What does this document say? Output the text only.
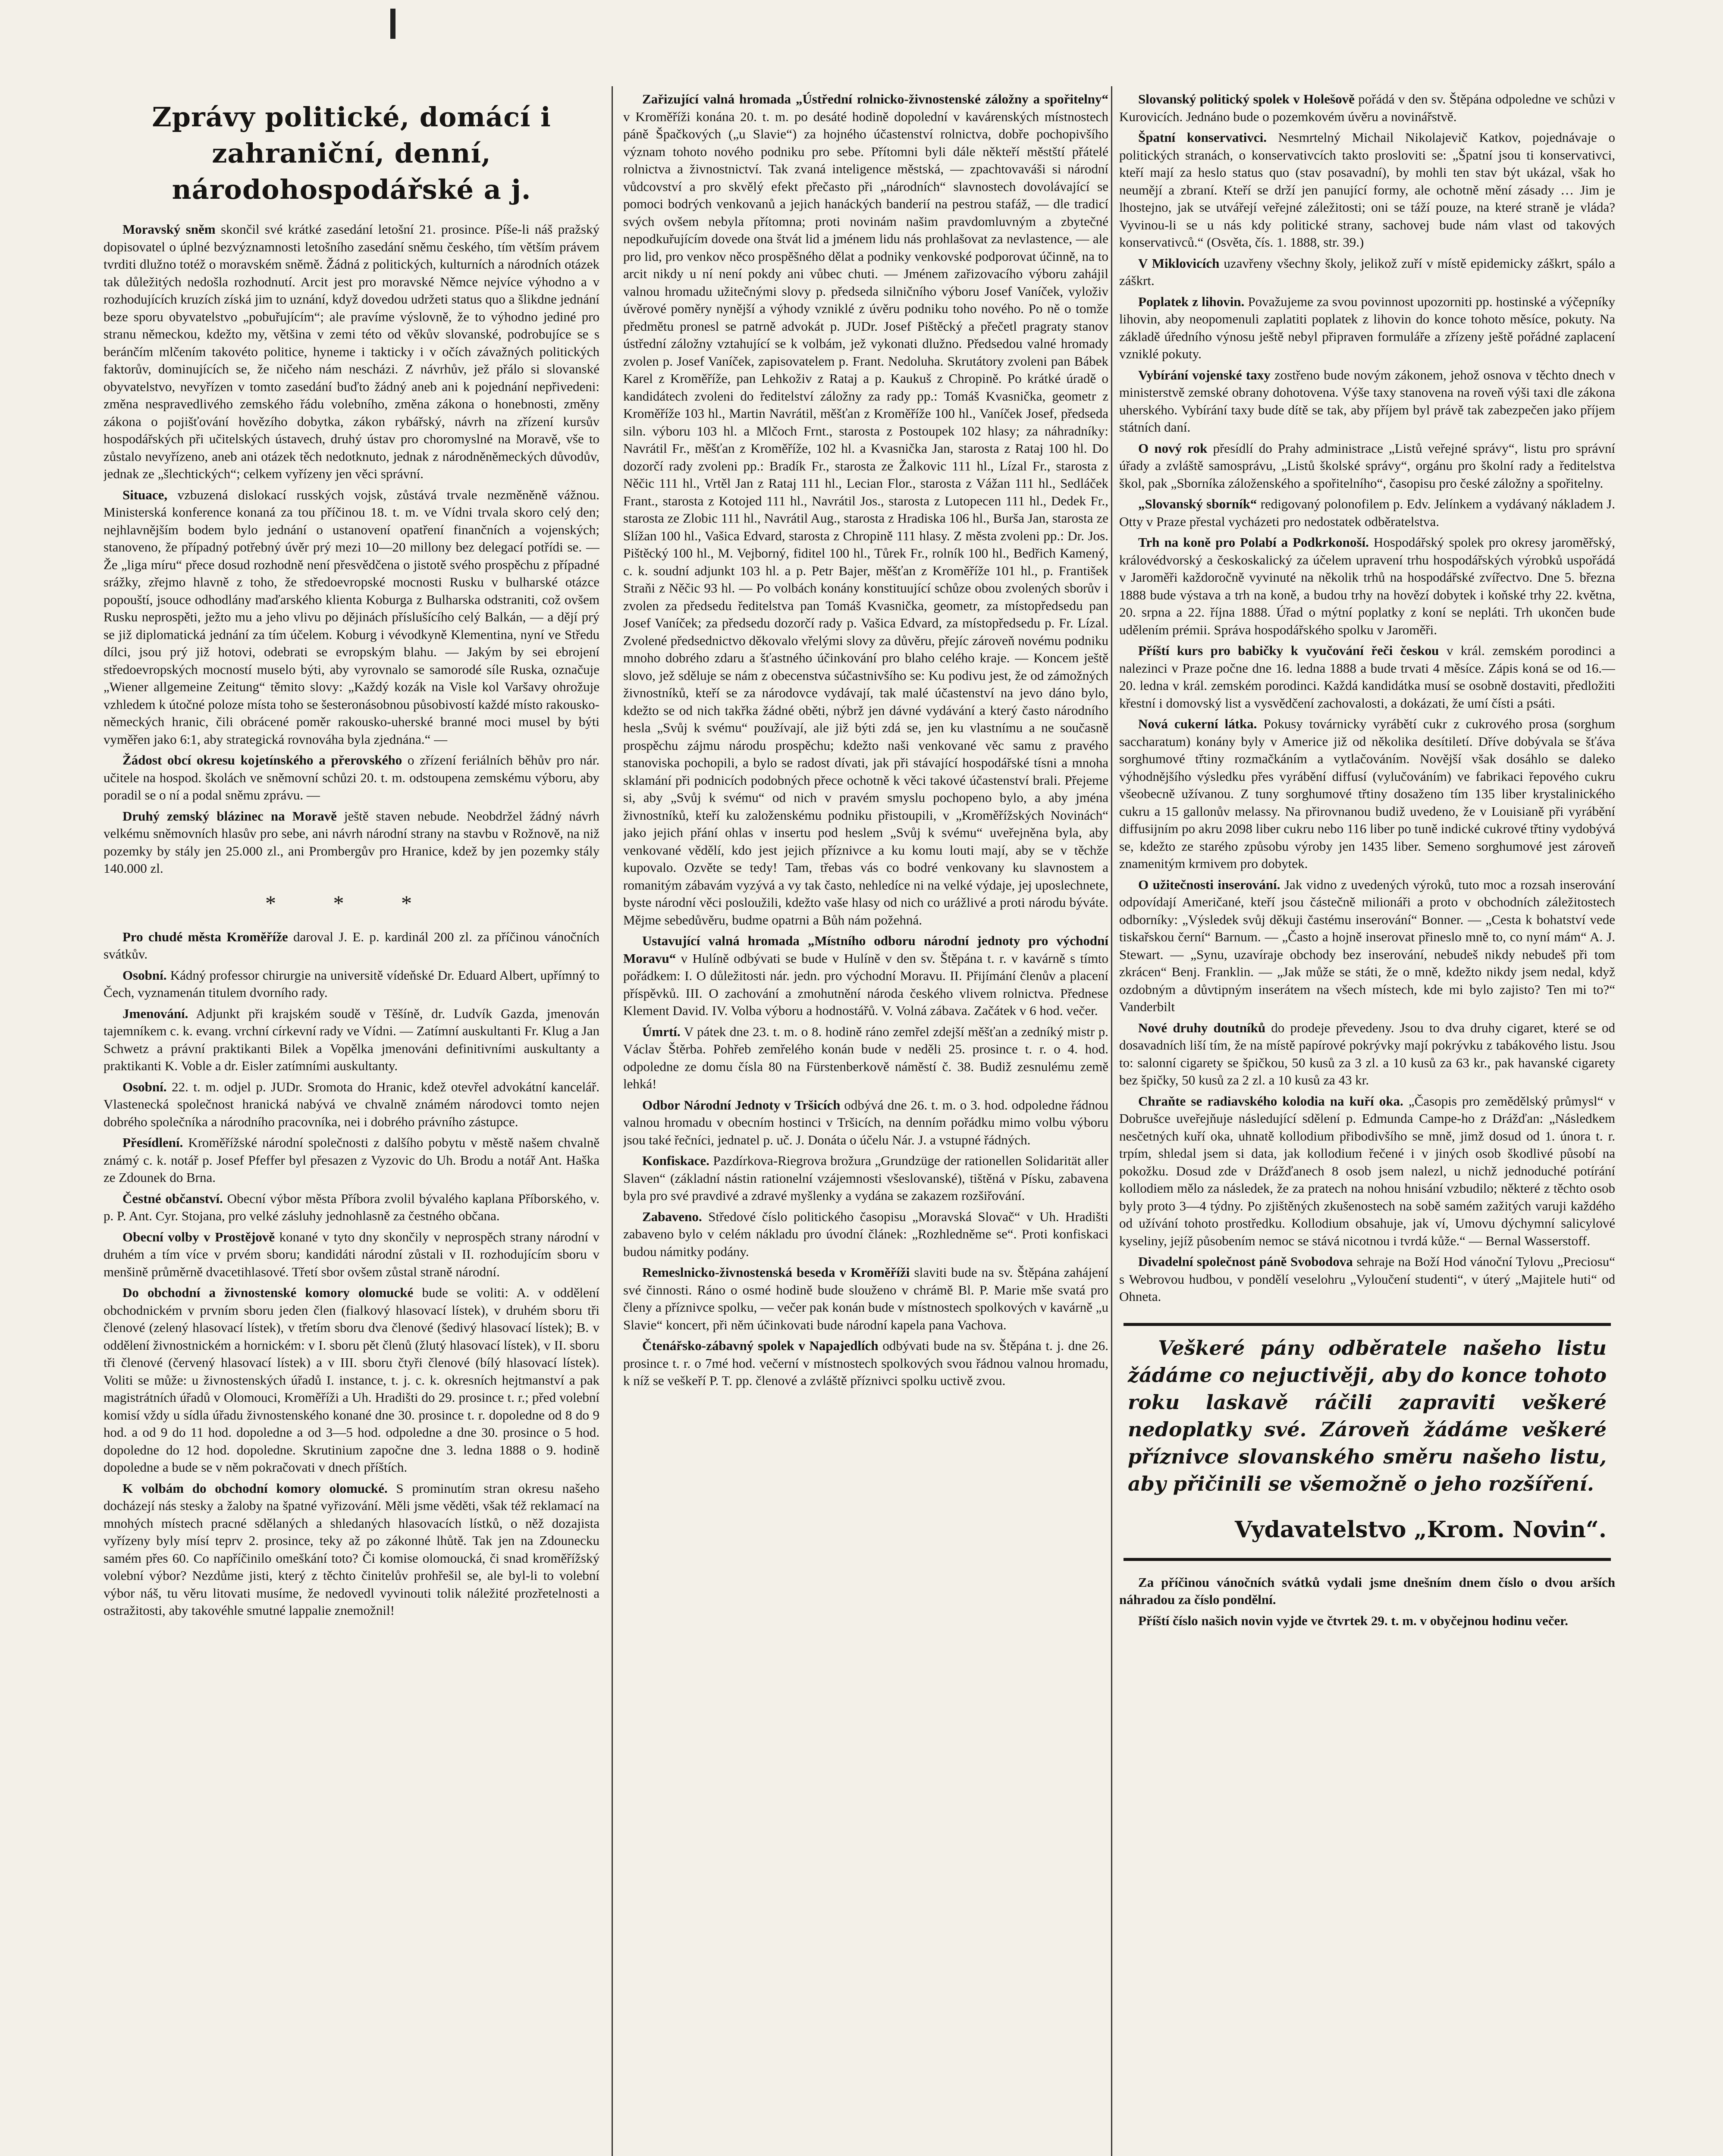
Zprávy politické, domácí i zahraniční, denní, národohospodářské a j.

Moravský sněm skončil své krátké zasedání letošní 21. prosince. Píše-li náš pražský dopisovatel o úplné bezvýznamnosti letošního zasedání sněmu českého, tím větším právem tvrditi dlužno totéž o moravském sněmě. Žádná z politických, kulturních a národních otázek tak důležitých nedošla rozhodnutí. Arcit jest pro moravské Němce nejvíce výhodno a v rozhodujících kruzích získá jim to uznání, když dovedou udržeti status quo a šlikdne jednání beze sporu obyvatelstvo „pobuřujícím“; ale pravíme výslovně, že to výhodno jediné pro stranu německou, kdežto my, většina v zemi této od věkův slovanské, podrobujíce se s beránčím mlčením takovéto politice, hyneme i takticky i v očích závažných politických faktorův, dominujících se, že ničeho nám nescházi. Z návrhův, jež přálo si slovanské obyvatelstvo, nevyřízen v tomto zasedání buďto žádný aneb ani k pojednání nepřivedeni: změna nespravedlivého zemského řádu volebního, změna zákona o honebnosti, změny zákona o pojišťování hovězího dobytka, zákon rybářský, návrh na zřízení kursův hospodářských při učitelských ústavech, druhý ústav pro choromyslné na Moravě, vše to zůstalo nevyřízeno, aneb ani otázek těch nedotknuto, jednak z národněněmeckých důvodův, jednak ze „šlechtických“; celkem vyřízeny jen věci správní.

Situace, vzbuzená dislokací rusských vojsk, zůstává trvale nezměněně vážnou. Ministerská konference konaná za tou příčinou 18. t. m. ve Vídni trvala skoro celý den; nejhlavnějším bodem bylo jednání o ustanovení opatření finančních a vojenských; stanoveno, že případný potřebný úvěr prý mezi 10—20 millony bez delegací potřídi se. — Že „liga míru“ přece dosud rozhodně není přesvědčena o jistotě svého prospěchu z případné srážky, zřejmo hlavně z toho, že středoevropské mocnosti Rusku v bulharské otázce popouští, jsouce odhodlány maďarského klienta Koburga z Bulharska odstraniti, což ovšem Rusku neprospěti, ježto mu a jeho vlivu po dějinách příslušícího celý Balkán, — a dějí prý se již diplomatická jednání za tím účelem. Koburg i vévodkyně Klementina, nyní ve Středu dílci, jsou prý již hotovi, odebrati se evropským blahu. — Jakým by sei ebrojení středoevropských mocností muselo býti, aby vyrovnalo se samorodé síle Ruska, označuje „Wiener allgemeine Zeitung“ těmito slovy: „Každý kozák na Visle kol Varšavy ohrožuje vzhledem k útočné poloze místa toho se šesteronásobnou působivostí každé místo rakousko-německých hranic, čili obrácené poměr rakousko-uherské branné moci musel by býti vyměřen jako 6:1, aby strategická rovnováha byla zjednána.“ —

Žádost obcí okresu kojetínského a přerovského o zřízení feriálních běhův pro nár. učitele na hospod. školách ve sněmovní schůzi 20. t. m. odstoupena zemskému výboru, aby poradil se o ní a podal sněmu zprávu. —

Druhý zemský blázinec na Moravě ještě staven nebude. Neobdržel žádný návrh velkému sněmovních hlasův pro sebe, ani návrh národní strany na stavbu v Rožnově, na niž pozemky by stály jen 25.000 zl., ani Prombergův pro Hranice, kdež by jen pozemky stály 140.000 zl.

* * *

Pro chudé města Kroměříže daroval J. E. p. kardinál 200 zl. za příčinou vánočních svátkův.

Osobní. Kádný professor chirurgie na universitě vídeňské Dr. Eduard Albert, upřímný to Čech, vyznamenán titulem dvorního rady.

Jmenování. Adjunkt při krajském soudě v Těšíně, dr. Ludvík Gazda, jmenován tajemníkem c. k. evang. vrchní církevní rady ve Vídni. — Zatímní auskultanti Fr. Klug a Jan Schwetz a právní praktikanti Bilek a Vopělka jmenováni definitivními auskultanty a praktikanti K. Voble a dr. Eisler zatímními auskultanty.

Osobní. 22. t. m. odjel p. JUDr. Sromota do Hranic, kdež otevřel advokátní kancelář. Vlastenecká společnost hranická nabývá ve chvalně známém národovci tomto nejen dobrého společníka a národního pracovníka, nei i dobrého právního zástupce.

Přesídlení. Kroměřížské národní společnosti z dalšího pobytu v městě našem chvalně známý c. k. notář p. Josef Pfeffer byl přesazen z Vyzovic do Uh. Brodu a notář Ant. Haška ze Zdounek do Brna.

Čestné občanství. Obecní výbor města Příbora zvolil bývalého kaplana Příborského, v. p. P. Ant. Cyr. Stojana, pro velké zásluhy jednohlasně za čestného občana.

Obecní volby v Prostějově konané v tyto dny skončily v neprospěch strany národní v druhém a tím více v prvém sboru; kandidáti národní zůstali v II. rozhodujícím sboru v menšině průměrně dvacetihlasové. Třetí sbor ovšem zůstal straně národní.

Do obchodní a živnostenské komory olomucké bude se voliti: A. v oddělení obchodnickém v prvním sboru jeden člen (fialkový hlasovací lístek), v druhém sboru tři členové (zelený hlasovací lístek), v třetím sboru dva členové (šedivý hlasovací lístek); B. v oddělení živnostnickém a hornickém: v I. sboru pět členů (žlutý hlasovací lístek), v II. sboru tři členové (červený hlasovací lístek) a v III. sboru čtyři členové (bílý hlasovací lístek). Voliti se může: u živnostenských úřadů I. instance, t. j. c. k. okresních hejtmanství a pak magistrátních úřadů v Olomouci, Kroměříži a Uh. Hradišti do 29. prosince t. r.; před volební komisí vždy u sídla úřadu živnostenského konané dne 30. prosince t. r. dopoledne od 8 do 9 hod. a od 9 do 11 hod. dopoledne a od 3—5 hod. odpoledne a dne 30. prosince o 5 hod. dopoledne do 12 hod. dopoledne. Skrutinium započne dne 3. ledna 1888 o 9. hodině dopoledne a bude se v něm pokračovati v dnech příštích.

K volbám do obchodní komory olomucké. S prominutím stran okresu našeho docházejí nás stesky a žaloby na špatné vyřizování. Měli jsme věděti, však též reklamací na mnohých místech pracné sdělaných a shledaných hlasovacích lístků, o něž dozajista vyřízeny byly mísí teprv 2. prosince, teky až po zákonné lhůtě. Tak jen na Zdounecku samém přes 60. Co napříčinilo omeškání toto? Či komise olomoucká, či snad kroměřížský volební výbor? Nezdůme jisti, který z těchto činitelův prohřešil se, ale byl-li to volební výbor náš, tu věru litovati musíme, že nedovedl vyvinouti tolik náležité prozřetelnosti a ostražitosti, aby takovéhle smutné lappalie znemožnil!

Zařizující valná hromada „Ústřední rolnicko-živnostenské záložny a spořitelny“ v Kroměříži konána 20. t. m. po desáté hodině dopolední v kavárenských místnostech páně Špačkových („u Slavie“) za hojného účastenství rolnictva, dobře pochopivšího význam tohoto nového podniku pro sebe. Přítomni byli dále někteří městští přátelé rolnictva a živnostnictví. Tak zvaná inteligence městská, — zpachtovaváši si národní vůdcovství a pro skvělý efekt přečasto při „národních“ slavnostech dovolávající se pomoci bodrých venkovanů a jejich hanáckých banderií na pestrou stafáž, — dle tradicí svých ovšem nebyla přítomna; proti novinám našim pravdomluvným a zbytečné nepodkuřujícím dovede ona štvát lid a jménem lidu nás prohlašovat za nevlastence, — ale pro lid, pro venkov něco prospěšného dělat a podniky venkovské podporovat účinně, na to arcit nikdy u ní není pokdy ani vůbec chuti. — Jménem zařizovacího výboru zahájil valnou hromadu užitečnými slovy p. předseda silničního výboru Josef Vaníček, vyloživ úvěrové poměry nynější a výhody vzniklé z úvěru podniku toho nového. Po ně o tomže předmětu pronesl se patrně advokát p. JUDr. Josef Pištěcký a přečetl pragraty stanov ústřední záložny vztahující se k volbám, jež vykonati dlužno. Předsedou valné hromady zvolen p. Josef Vaníček, zapisovatelem p. Frant. Nedoluha. Skrutátory zvoleni pan Bábek Karel z Kroměříže, pan Lehkoživ z Rataj a p. Kaukuš z Chropině. Po krátké úradě o kandidátech zvoleni do ředitelství záložny za rady pp.: Tomáš Kvasnička, geometr z Kroměříže 103 hl., Martin Navrátil, měšťan z Kroměříže 100 hl., Vaníček Josef, předseda siln. výboru 103 hl. a Mlčoch Frnt., starosta z Postoupek 102 hlasy; za náhradníky: Navrátil Fr., měšťan z Kroměříže, 102 hl. a Kvasnička Jan, starosta z Rataj 100 hl. Do dozorčí rady zvoleni pp.: Bradík Fr., starosta ze Žalkovic 111 hl., Lízal Fr., starosta z Něčic 111 hl., Vrtěl Jan z Rataj 111 hl., Lecian Flor., starosta z Vážan 111 hl., Sedláček Frant., starosta z Kotojed 111 hl., Navrátil Jos., starosta z Lutopecen 111 hl., Dedek Fr., starosta ze Zlobic 111 hl., Navrátil Aug., starosta z Hradiska 106 hl., Burša Jan, starosta ze Slížan 100 hl., Vašica Edvard, starosta z Chropině 111 hlasy. Z města zvoleni pp.: Dr. Jos. Pištěcký 100 hl., M. Vejborný, fiditel 100 hl., Tůrek Fr., rolník 100 hl., Bedřich Kamený, c. k. soudní adjunkt 103 hl. a p. Petr Bajer, měšťan z Kroměříže 101 hl., p. František Straňi z Něčic 93 hl. — Po volbách konány konstituující schůze obou zvolených sborův i zvolen za předsedu ředitelstva pan Tomáš Kvasnička, geometr, za místopředsedu pan Josef Vaníček; za předsedu dozorčí rady p. Vašica Edvard, za místopředsedu p. Fr. Lízal. Zvolené předsednictvo děkovalo vřelými slovy za důvěru, přejíc zároveň novému podniku mnoho dobrého zdaru a šťastného účinkování pro blaho celého kraje. — Koncem ještě slovo, jež sděluje se nám z obecenstva súčastnivšího se: Ku podivu jest, že od zámožných živnostníků, kteří se za národovce vydávají, tak malé účastenství na jevo dáno bylo, kdežto se od nich takřka žádné oběti, nýbrž jen dávné vydávání a který často národního hesla „Svůj k svému“ používají, ale již býti zdá se, jen ku vlastnímu a ne současně prospěchu zájmu národu prospěchu; kdežto naši venkované věc samu z pravého stanoviska pochopili, a bylo se radost dívati, jak při stávající hospodářské tísni a mnoha sklamání při podnicích podobných přece ochotně k věci takové účastenství brali. Přejeme si, aby „Svůj k svému“ od nich v pravém smyslu pochopeno bylo, a aby jména živnostníků, kteří ku založenskému podniku přistoupili, v „Kroměřížských Novinách“ jako jejich přání ohlas v insertu pod heslem „Svůj k svému“ uveřejněna byla, aby venkované vědělí, kdo jest jejich příznivce a ku komu louti mají, aby se v těchže kupovalo. Ozvěte se tedy! Tam, třebas vás co bodré venkovany ku slavnostem a romanitým zábavám vyzývá a vy tak často, nehledíce ni na velké výdaje, jej uposlechnete, byste národní věci posloužili, kdežto vaše hlasy od nich co urážlivé a proti národu býváte. Mějme sebedůvěru, budme opatrni a Bůh nám požehná.

Ustavující valná hromada „Místního odboru národní jednoty pro východní Moravu“ v Hulíně odbývati se bude v Hulíně v den sv. Štěpána t. r. v kavárně s tímto pořádkem: I. O důležitosti nár. jedn. pro východní Moravu. II. Přijímání členův a placení příspěvků. III. O zachování a zmohutnění národa českého vlivem rolnictva. Přednese Klement David. IV. Volba výboru a hodnostářů. V. Volná zábava. Začátek v 6 hod. večer.

Úmrtí. V pátek dne 23. t. m. o 8. hodině ráno zemřel zdejší měšťan a zedníký mistr p. Václav Štěrba. Pohřeb zemřelého konán bude v neděli 25. prosince t. r. o 4. hod. odpoledne ze domu čísla 80 na Fürstenberkově náměstí č. 38. Budiž zesnulému země lehká!

Odbor Národní Jednoty v Tršicích odbývá dne 26. t. m. o 3. hod. odpoledne řádnou valnou hromadu v obecním hostinci v Tršicích, na denním pořádku mimo volbu výboru jsou také řečníci, jednatel p. uč. J. Donáta o účelu Nár. J. a vstupné řádných.

Konfiskace. Pazdírkova-Riegrova brožura „Grundzüge der rationellen Solidarität aller Slaven“ (základní nástin rationelní vzájemnosti všeslovanské), tištěná v Písku, zabavena byla pro své pravdivé a zdravé myšlenky a vydána se zakazem rozšiřování.

Zabaveno. Středové číslo politického časopisu „Moravská Slovač“ v Uh. Hradišti zabaveno bylo v celém nákladu pro úvodní článek: „Rozhledněme se“. Proti konfiskaci budou námitky podány.

Remeslnicko-živnostenská beseda v Kroměříži slaviti bude na sv. Štěpána zahájení své činnosti. Ráno o osmé hodině bude slouženo v chrámě Bl. P. Marie mše svatá pro členy a příznivce spolku, — večer pak konán bude v místnostech spolkových v kavárně „u Slavie“ koncert, při něm účinkovati bude národní kapela pana Vachova.

Čtenářsko-zábavný spolek v Napajedlích odbývati bude na sv. Štěpána t. j. dne 26. prosince t. r. o 7mé hod. večerní v místnostech spolkových svou řádnou valnou hromadu, k níž se veškeří P. T. pp. členové a zvláště příznivci spolku uctivě zvou.

Slovanský politický spolek v Holešově pořádá v den sv. Štěpána odpoledne ve schůzi v Kurovicích. Jednáno bude o pozemkovém úvěru a novinářstvě.

Špatní konservativci. Nesmrtelný Michail Nikolajevič Katkov, pojednávaje o politických stranách, o konservativcích takto prosloviti se: „Špatní jsou ti konservativci, kteří mají za heslo status quo (stav posavadní), by mohli ten stav být ukázal, však ho neumějí a zbraní. Kteří se drží jen panující formy, ale ochotně mění zásady … Jim je lhostejno, jak se utvářejí veřejné záležitosti; oni se táží pouze, na které straně je vláda? Vyvinou-li se u nás kdy politické strany, sachovej bude nám vlast od takových konservativců.“ (Osvěta, čís. 1. 1888, str. 39.)

V Miklovicích uzavřeny všechny školy, jelikož zuří v místě epidemicky záškrt, spálo a záškrt.

Poplatek z lihovin. Považujeme za svou povinnost upozorniti pp. hostinské a výčepníky lihovin, aby neopomenuli zaplatiti poplatek z lihovin do konce tohoto měsíce, pokuty. Na základě úředního výnosu ještě nebyl připraven formuláře a zřízeny ještě pořádné zaplacení vzniklé pokuty.

Vybírání vojenské taxy zostřeno bude novým zákonem, jehož osnova v těchto dnech v ministerstvě zemské obrany dohotovena. Výše taxy stanovena na roveň výši taxi dle zákona uherského. Vybírání taxy bude dítě se tak, aby příjem byl právě tak zabezpečen jako příjem státních daní.

O nový rok přesídlí do Prahy administrace „Listů veřejné správy“, listu pro správní úřady a zvláště samosprávu, „Listů školské správy“, orgánu pro školní rady a ředitelstva škol, pak „Sborníka záloženského a spořitelního“, časopisu pro české záložny a spořitelny.

„Slovanský sborník“ redigovaný polonofilem p. Edv. Jelínkem a vydávaný nákladem J. Otty v Praze přestal vycházeti pro nedostatek odběratelstva.

Trh na koně pro Polabí a Podkrkonoší. Hospodářský spolek pro okresy jaroměřský, královédvorský a českoskalický za účelem upravení trhu hospodářských výrobků uspořádá v Jaroměři každoročně vyvinuté na několik trhů na hospodářské zvířectvo. Dne 5. března 1888 bude výstava a trh na koně, a budou trhy na hovězí dobytek i koňské trhy 22. května, 20. srpna a 22. října 1888. Úřad o mýtní poplatky z koní se nepláti. Trh ukončen bude udělením prémii. Správa hospodářského spolku v Jaroměři.

Příští kurs pro babičky k vyučování řeči českou v král. zemském porodinci a nalezinci v Praze počne dne 16. ledna 1888 a bude trvati 4 měsíce. Zápis koná se od 16.—20. ledna v král. zemském porodinci. Každá kandidátka musí se osobně dostaviti, předložiti křestní i domovský list a vysvědčení zachovalosti, a dokázati, že umí čísti a psáti.

Nová cukerní látka. Pokusy továrnicky vyrábětí cukr z cukrového prosa (sorghum saccharatum) konány byly v Americe již od několika desítiletí. Dříve dobývala se šťáva sorghumové třtiny rozmačkáním a vytlačováním. Novější však dosáhlo se daleko výhodnějšího výsledku přes vyrábění diffusí (vylučováním) ve fabrikaci řepového cukru všeobecně užívanou. Z tuny sorghumové třtiny dosaženo tím 135 liber krystalinického cukru a 15 gallonův melassy. Na přirovnanou budiž uvedeno, že v Louisianě při vyrábění diffusijním po akru 2098 liber cukru nebo 116 liber po tuně indické cukrové třtiny vydobývá se, kdežto ze starého způsobu výroby jen 1435 liber. Semeno sorghumové jest zároveň znamenitým krmivem pro dobytek.

O užitečnosti inserování. Jak vidno z uvedených výroků, tuto moc a rozsah inserování odpovídají Američané, kteří jsou částečně milionáři a proto v obchodních záležitostech odborníky: „Výsledek svůj děkuji častému inserování“ Bonner. — „Cesta k bohatství vede tiskařskou černí“ Barnum. — „Často a hojně inserovat přineslo mně to, co nyní mám“ A. J. Stewart. — „Synu, uzavíraje obchody bez inserování, nebudeš nikdy nebudeš při tom zkrácen“ Benj. Franklin. — „Jak může se státi, že o mně, kdežto nikdy jsem nedal, když ozdobným a důvtipným inserátem na všech místech, kde mi bylo zajisto? Ten mi to?“ Vanderbilt

Nové druhy doutníků do prodeje převedeny. Jsou to dva druhy cigaret, které se od dosavadních liší tím, že na místě papírové pokrývky mají pokrývku z tabákového listu. Jsou to: salonní cigarety se špičkou, 50 kusů za 3 zl. a 10 kusů za 63 kr., pak havanské cigarety bez špičky, 50 kusů za 2 zl. a 10 kusů za 43 kr.

Chraňte se radiavského kolodia na kuří oka. „Časopis pro zemědělský průmysl“ v Dobrušce uveřejňuje následující sdělení p. Edmunda Campe-ho z Drážďan: „Následkem nesčetných kuří oka, uhnatě kollodium přibodivšího se mně, jimž dosud od 1. února t. r. trpím, shledal jsem si data, jak kollodium řečené i v jiných osob škodlivé působí na pokožku. Dosud zde v Drážďanech 8 osob jsem nalezl, u nichž jednoduché potírání kollodiem mělo za následek, že za pratech na nohou hnisání vzbudilo; některé z těchto osob byly proto 3—4 týdny. Po zjištěných zkušenostech na sobě samém zažitých varuji každého od užívání tohoto prostředku. Kollodium obsahuje, jak ví, Umovu dýchymní salicylové kyseliny, jejíž působením nemoc se stává nicotnou i tvrdá kůže.“ — Bernal Wasserstoff.

Divadelní společnost páně Svobodova sehraje na Boží Hod vánoční Tylovu „Preciosu“ s Webrovou hudbou, v pondělí veselohru „Vyloučení studenti“, v úterý „Majitele huti“ od Ohneta.

Veškeré pány odběratele našeho listu žádáme co nejuctivěji, aby do konce tohoto roku laskavě ráčili zapraviti veškeré nedoplatky své. Zároveň žádáme veškeré příznivce slovanského směru našeho listu, aby přičinili se všemožně o jeho rozšíření.

Vydavatelstvo „Krom. Novin“.

Za příčinou vánočních svátků vydali jsme dnešním dnem číslo o dvou arších náhradou za číslo pondělní.

Příští číslo našich novin vyjde ve čtvrtek 29. t. m. v obyčejnou hodinu večer.
